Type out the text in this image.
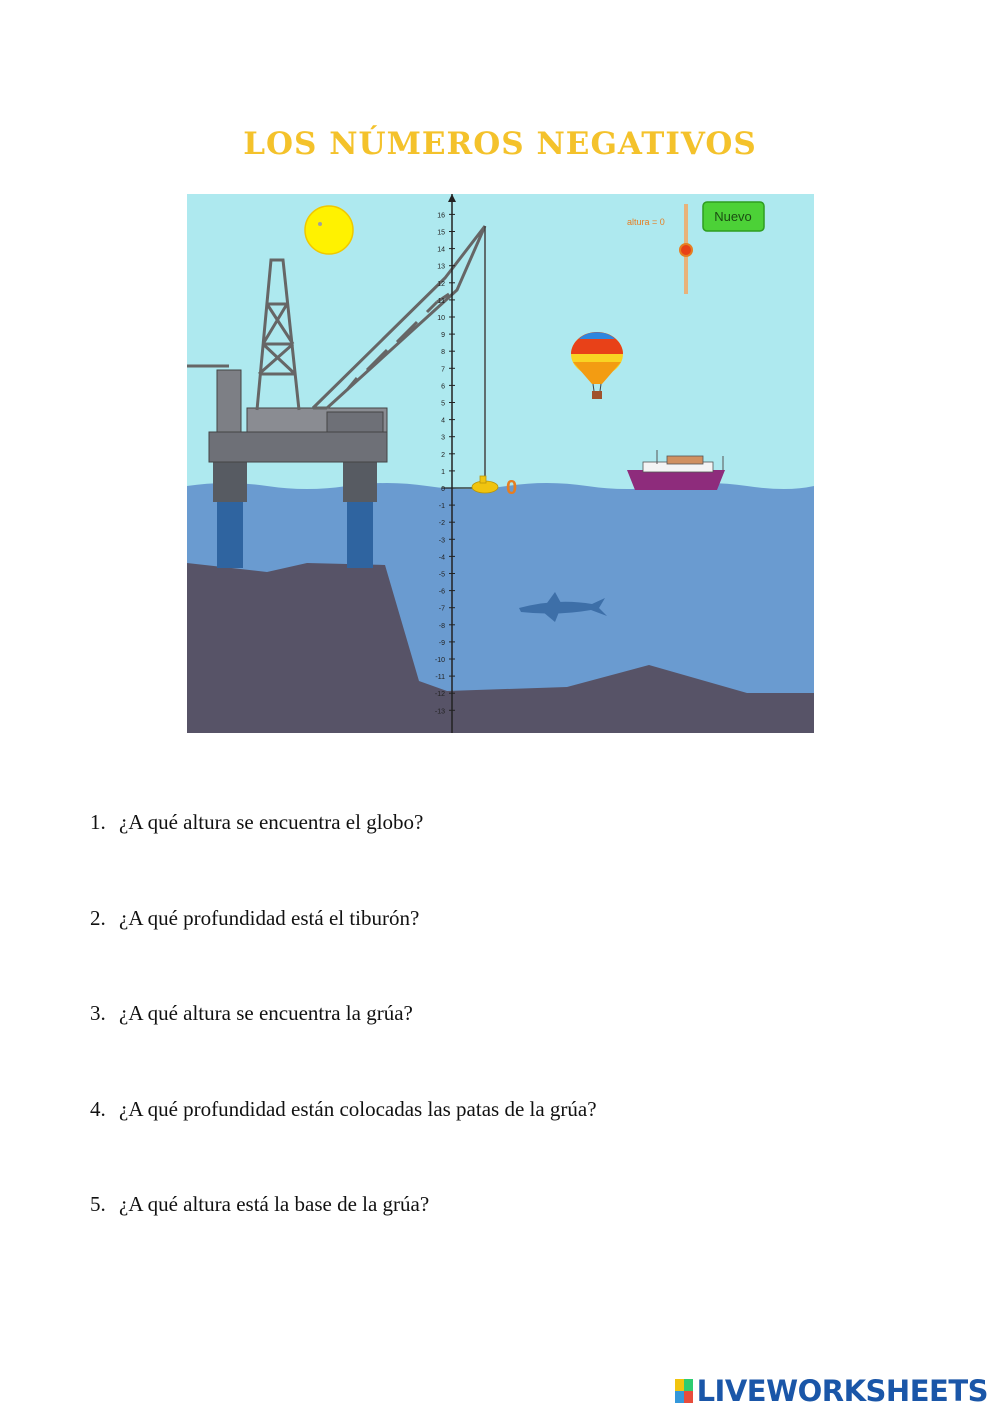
LOS NÚMEROS NEGATIVOS
16
15
14
13
12
11
10
9
8
7
6
5
4
3
2
1
0
-1
-2
-3
-4
-5
-6
-7
-8
-9
-10
-11
-12
-13
0
altura = 0	Nuevo
1. ¿A qué altura se encuentra el globo?
2. ¿A qué profundidad está el tiburón?
3. ¿A qué altura se encuentra la grúa?
4. ¿A qué profundidad están colocadas las patas de la grúa?
5. ¿A qué altura está la base de la grúa?
LIVEWORKSHEETS
